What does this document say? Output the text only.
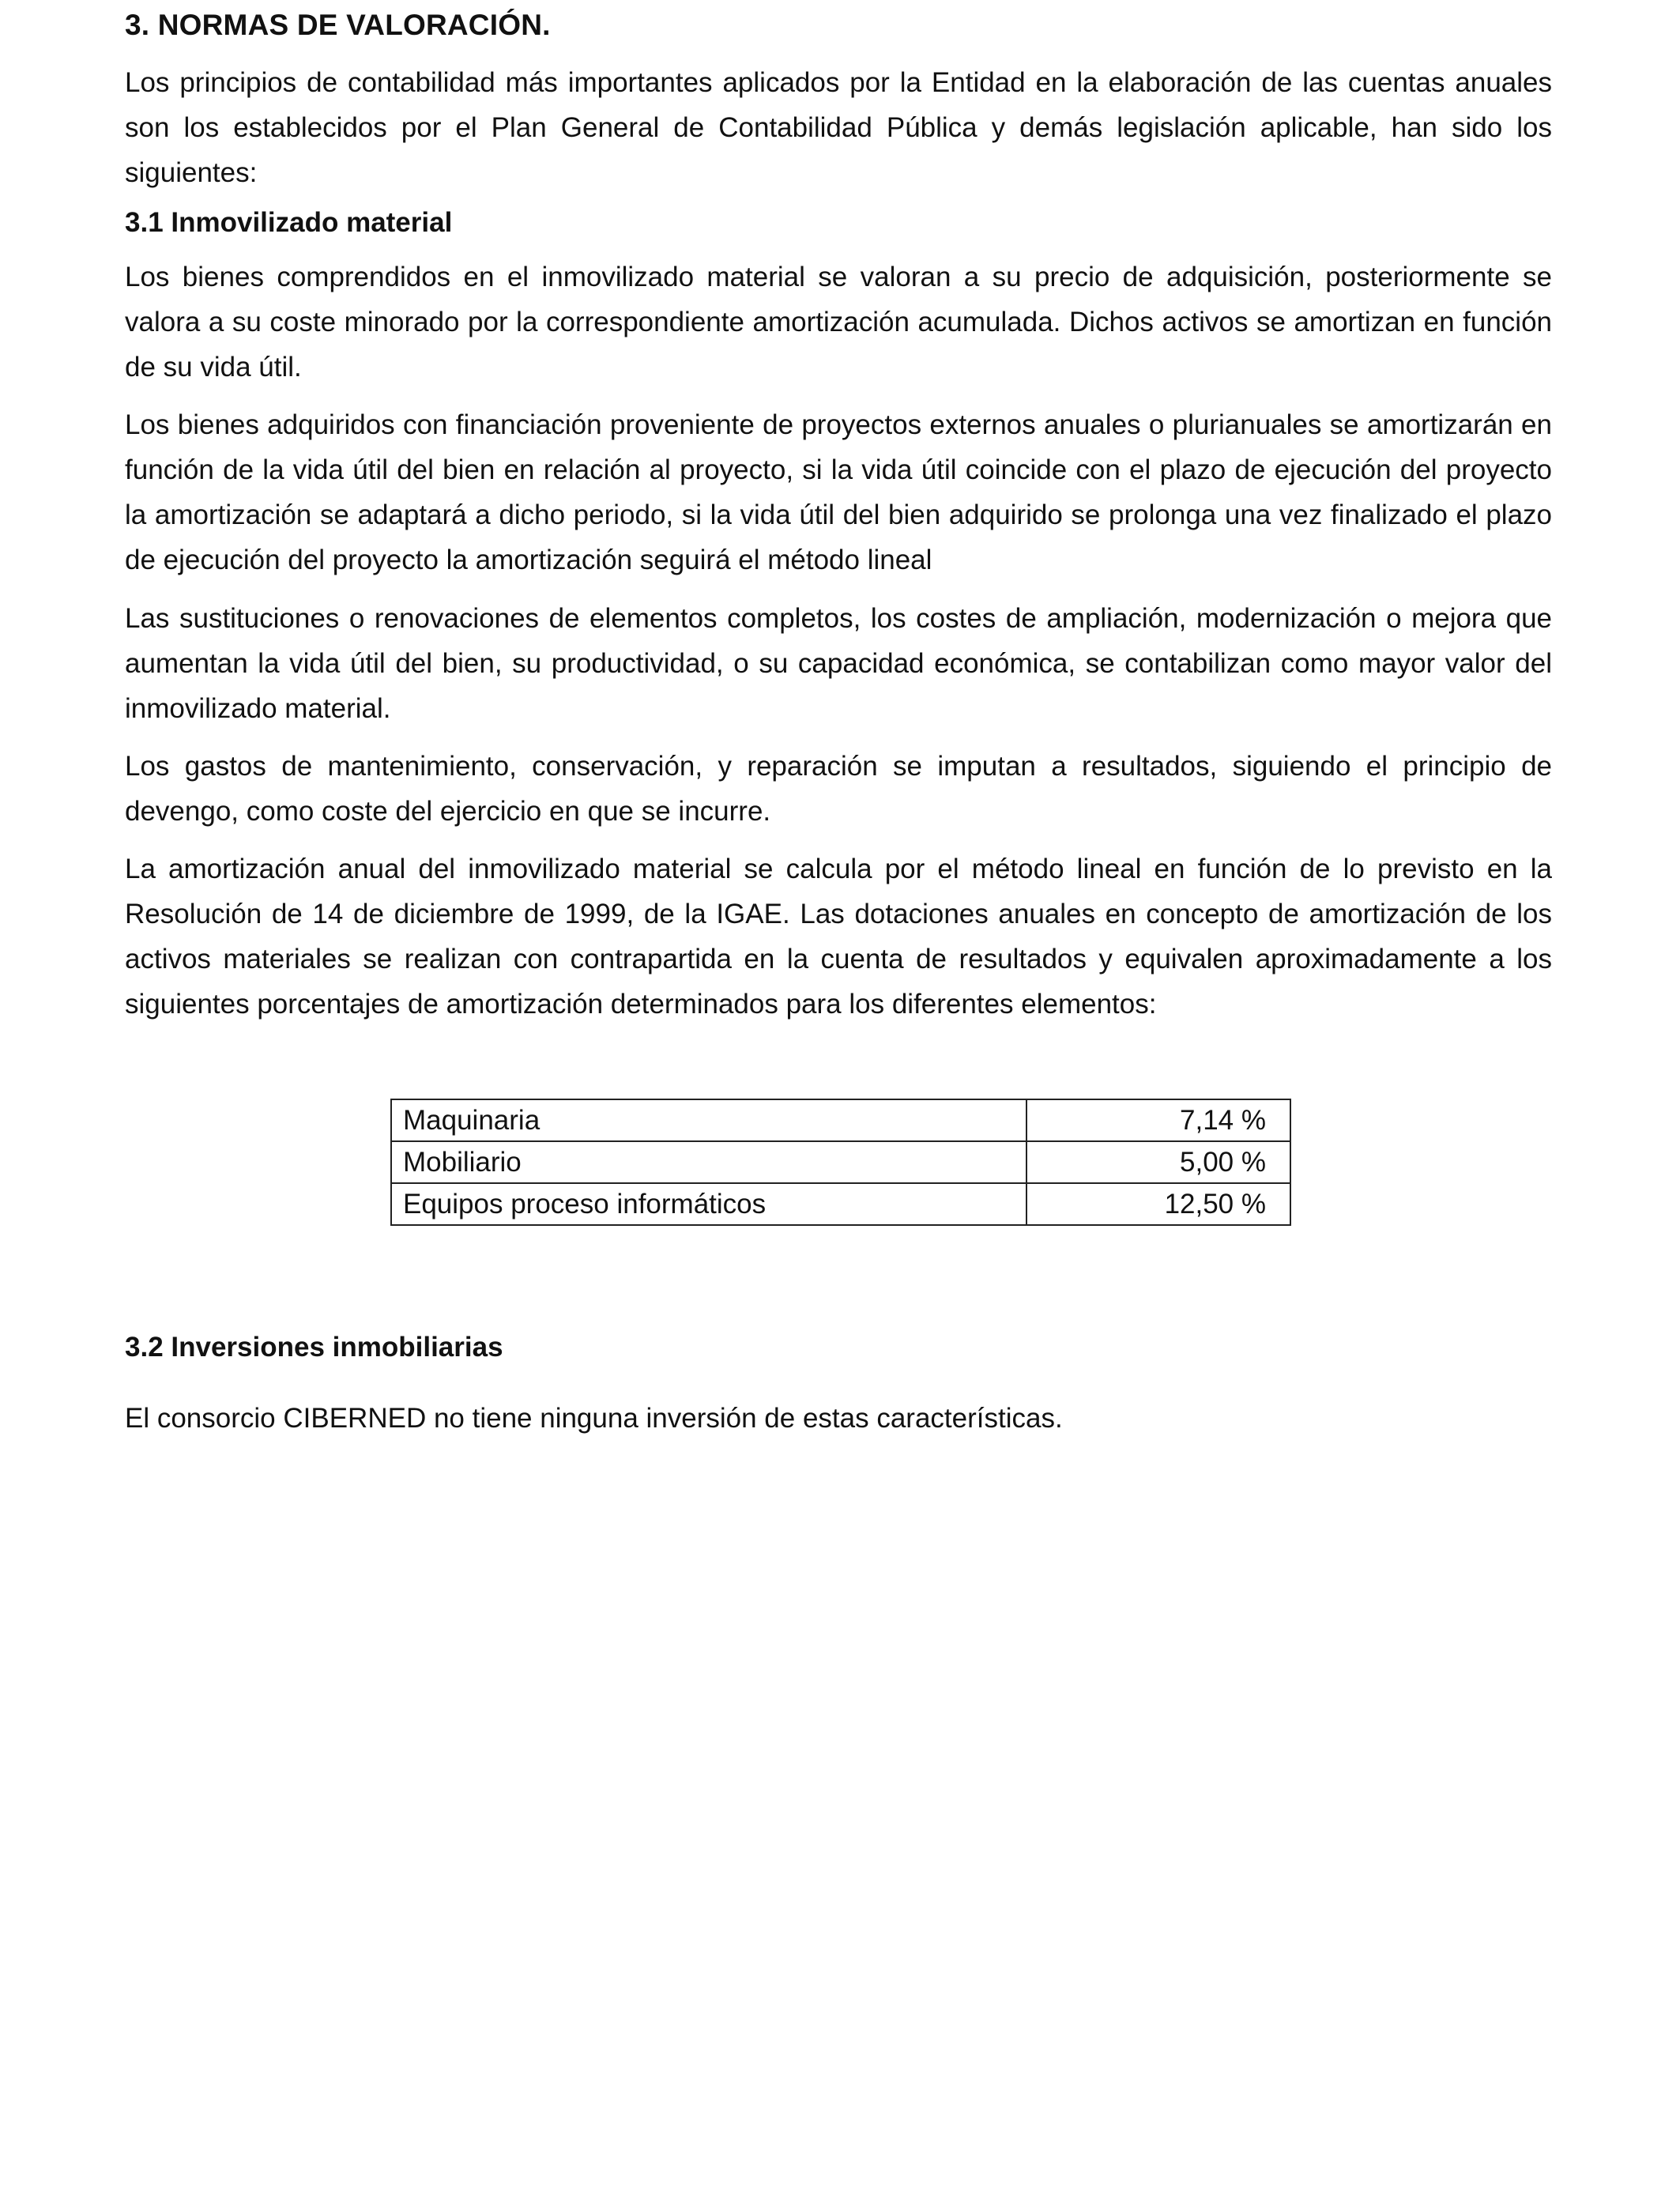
3. NORMAS DE VALORACIÓN.

Los principios de contabilidad más importantes aplicados por la Entidad en la elaboración de las cuentas anuales son los establecidos por el Plan General de Contabilidad Pública y demás legislación aplicable, han sido los siguientes:

3.1 Inmovilizado material

Los bienes comprendidos en el inmovilizado material se valoran a su precio de adquisición, posteriormente se valora a su coste minorado por la correspondiente amortización acumulada. Dichos activos se amortizan en función de su vida útil.

Los bienes adquiridos con financiación proveniente de proyectos externos anuales o plurianuales se amortizarán en función de la vida útil del bien en relación al proyecto, si la vida útil coincide con el plazo de ejecución del proyecto la amortización se adaptará a dicho periodo, si la vida útil del bien adquirido se prolonga una vez finalizado el plazo de ejecución del proyecto la amortización seguirá el método lineal

Las sustituciones o renovaciones de elementos completos, los costes de ampliación, modernización o mejora que aumentan la vida útil del bien, su productividad, o su capacidad económica, se contabilizan como mayor valor del inmovilizado material.

Los gastos de mantenimiento, conservación, y reparación se imputan a resultados, siguiendo el principio de devengo, como coste del ejercicio en que se incurre.

La amortización anual del inmovilizado material se calcula por el método lineal en función de lo previsto en la Resolución de 14 de diciembre de 1999, de la IGAE. Las dotaciones anuales en concepto de amortización de los activos materiales se realizan con contrapartida en la cuenta de resultados y equivalen aproximadamente a los siguientes porcentajes de amortización determinados para los diferentes elementos:

Maquinaria	7,14 %
Mobiliario	5,00 %
Equipos proceso informáticos	12,50 %
3.2 Inversiones inmobiliarias

El consorcio CIBERNED no tiene ninguna inversión de estas características.
